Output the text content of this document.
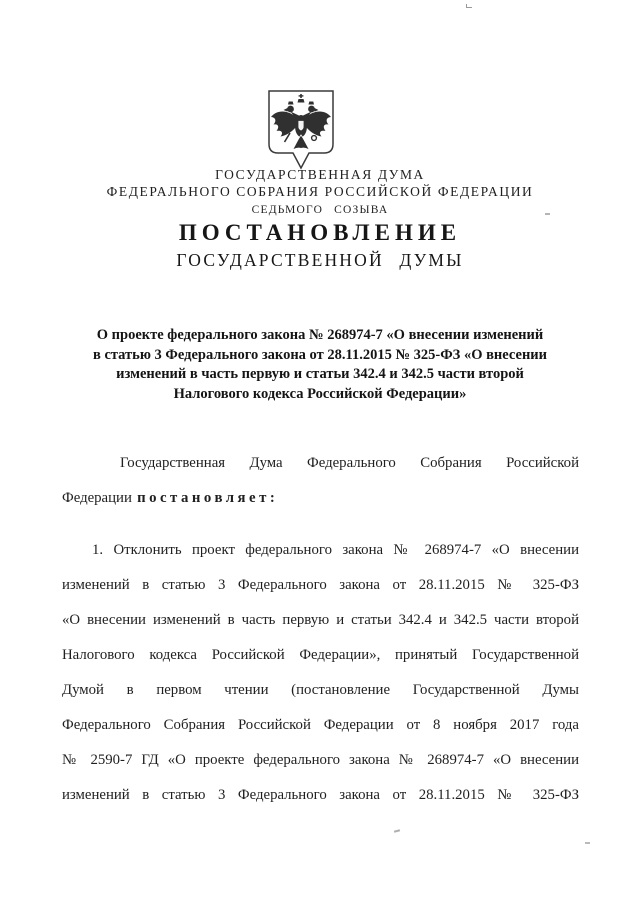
ГОСУДАРСТВЕННАЯ ДУМА
ФЕДЕРАЛЬНОГО СОБРАНИЯ РОССИЙСКОЙ ФЕДЕРАЦИИ
СЕДЬМОГО СОЗЫВА
ПОСТАНОВЛЕНИЕ
ГОСУДАРСТВЕННОЙ ДУМЫ
О проекте федерального закона № 268974-7 «О внесении изменений
в статью 3 Федерального закона от 28.11.2015 № 325-ФЗ «О внесении
изменений в часть первую и статьи 342.4 и 342.5 части второй
Налогового кодекса Российской Федерации»
Государственная Дума Федерального Собрания Российской
Федерации постановляет:
1. Отклонить проект федерального закона № 268974-7 «О внесении
изменений в статью 3 Федерального закона от 28.11.2015 № 325-ФЗ
«О внесении изменений в часть первую и статьи 342.4 и 342.5 части второй
Налогового кодекса Российской Федерации», принятый Государственной
Думой в первом чтении (постановление Государственной Думы
Федерального Собрания Российской Федерации от 8 ноября 2017 года
№ 2590-7 ГД «О проекте федерального закона № 268974-7 «О внесении
изменений в статью 3 Федерального закона от 28.11.2015 № 325-ФЗ
